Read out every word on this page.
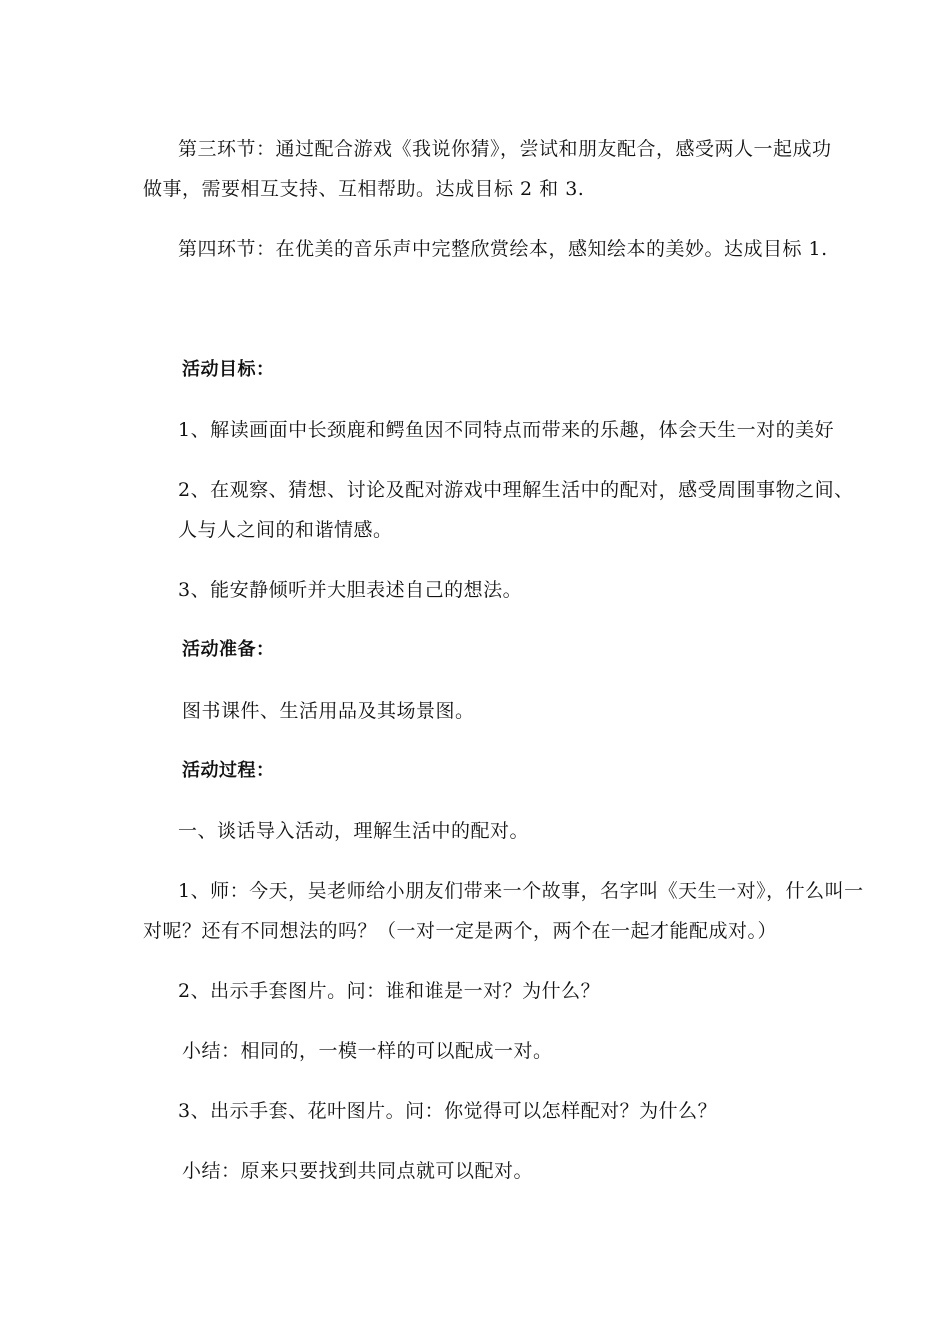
第三环节：通过配合游戏《我说你猜》，尝试和朋友配合，感受两人一起成功
做事，需要相互支持、互相帮助。达成目标 2 和 3.
第四环节：在优美的音乐声中完整欣赏绘本，感知绘本的美妙。达成目标 1.
活动目标：
1、解读画面中长颈鹿和鳄鱼因不同特点而带来的乐趣，体会天生一对的美好
2、在观察、猜想、讨论及配对游戏中理解生活中的配对，感受周围事物之间、
人与人之间的和谐情感。
3、能安静倾听并大胆表述自己的想法。
活动准备：
图书课件、生活用品及其场景图。
活动过程：
一、谈话导入活动，理解生活中的配对。
1、师：今天，吴老师给小朋友们带来一个故事，名字叫《天生一对》，什么叫一
对呢？还有不同想法的吗？（一对一定是两个，两个在一起才能配成对。）
2、出示手套图片。问：谁和谁是一对？为什么？
小结：相同的，一模一样的可以配成一对。
3、出示手套、花叶图片。问：你觉得可以怎样配对？为什么？
小结：原来只要找到共同点就可以配对。
